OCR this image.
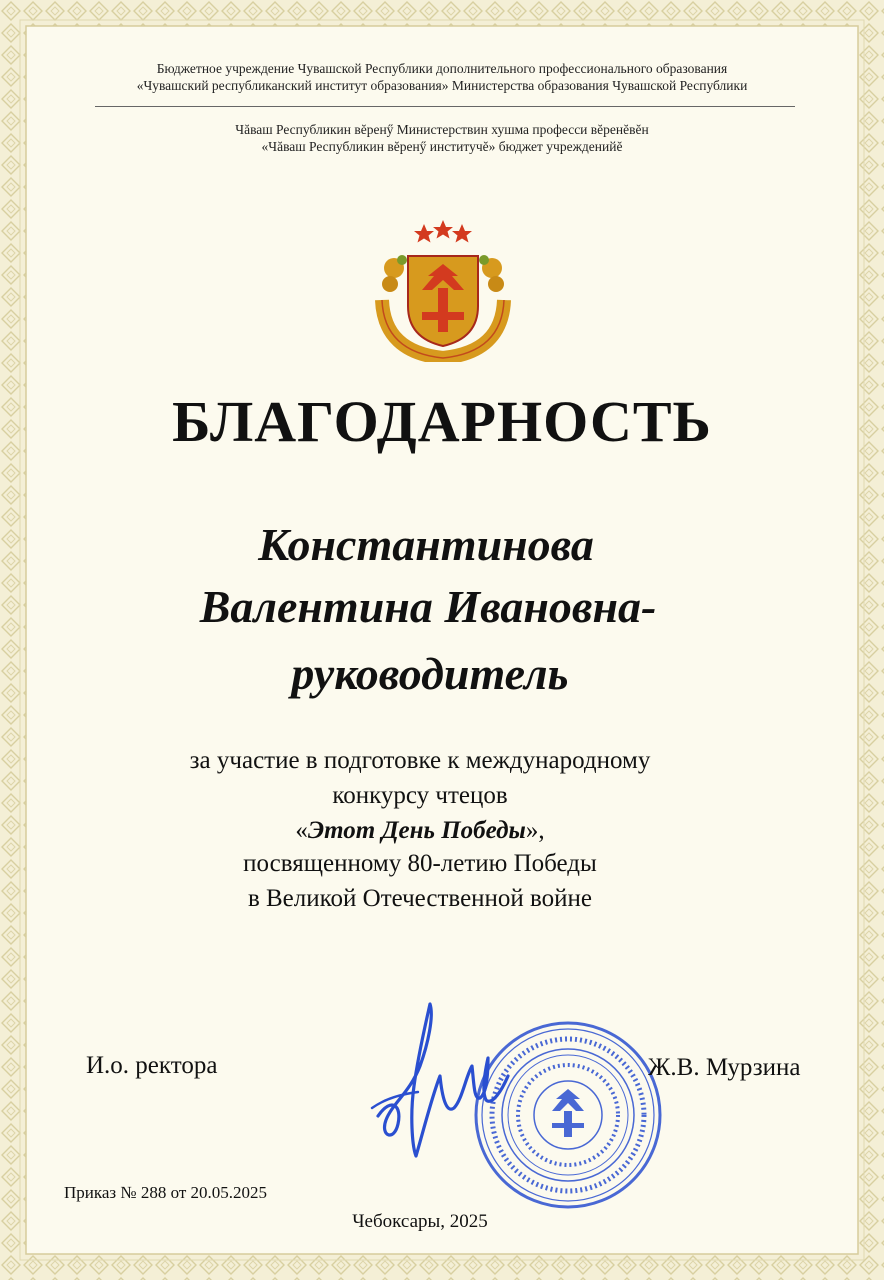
Бюджетное учреждение Чувашской Республики дополнительного профессионального образования
«Чувашский республиканский институт образования» Министерства образования Чувашской Республики
Чăваш Республикин вĕренӳ Министерствин хушма професси вĕренĕвĕн
«Чăваш Республикин вĕренӳ институчĕ» бюджет учрежденийĕ
БЛАГОДАРНОСТЬ
Константинова
Валентина Ивановна-
руководитель
за участие в подготовке к международному
конкурсу чтецов
«Этот День Победы»,
посвященному 80-летию Победы
в Великой Отечественной войне
И.о. ректора	Ж.В. Мурзина
Приказ № 288 от 20.05.2025
Чебоксары, 2025
